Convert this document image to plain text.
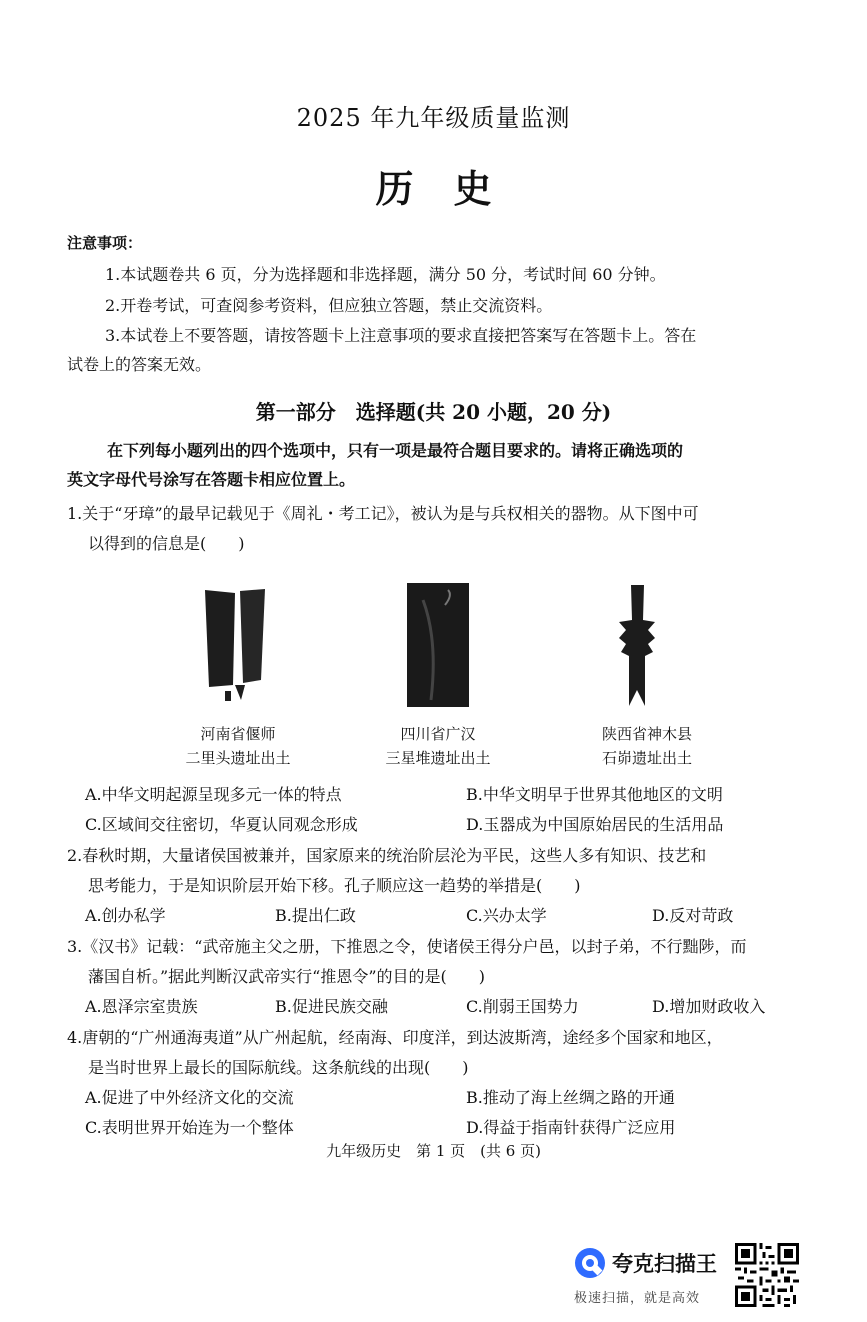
2025 年九年级质量监测
历史
注意事项：
1.本试题卷共 6 页，分为选择题和非选择题，满分 50 分，考试时间 60 分钟。
2.开卷考试，可查阅参考资料，但应独立答题，禁止交流资料。
3.本试卷上不要答题，请按答题卡上注意事项的要求直接把答案写在答题卡上。答在
试卷上的答案无效。
第一部分　选择题(共 20 小题，20 分)
在下列每小题列出的四个选项中，只有一项是最符合题目要求的。请将正确选项的
英文字母代号涂写在答题卡相应位置上。
1.关于“牙璋”的最早记载见于《周礼・考工记》，被认为是与兵权相关的器物。从下图中可
以得到的信息是(　　)
河南省偃师
二里头遗址出土
四川省广汉
三星堆遗址出土
陕西省神木县
石峁遗址出土
A.中华文明起源呈现多元一体的特点	B.中华文明早于世界其他地区的文明
C.区域间交往密切，华夏认同观念形成	D.玉器成为中国原始居民的生活用品
2.春秋时期，大量诸侯国被兼并，国家原来的统治阶层沦为平民，这些人多有知识、技艺和
思考能力，于是知识阶层开始下移。孔子顺应这一趋势的举措是(　　)
A.创办私学	B.提出仁政	C.兴办太学	D.反对苛政
3.《汉书》记载：“武帝施主父之册，下推恩之令，使诸侯王得分户邑，以封子弟，不行黜陟，而
藩国自析。”据此判断汉武帝实行“推恩令”的目的是(　　)
A.恩泽宗室贵族	B.促进民族交融	C.削弱王国势力	D.增加财政收入
4.唐朝的“广州通海夷道”从广州起航，经南海、印度洋，到达波斯湾，途经多个国家和地区，
是当时世界上最长的国际航线。这条航线的出现(　　)
A.促进了中外经济文化的交流	B.推动了海上丝绸之路的开通
C.表明世界开始连为一个整体	D.得益于指南针获得广泛应用
九年级历史　第 1 页　(共 6 页)
夸克扫描王
极速扫描，就是高效
